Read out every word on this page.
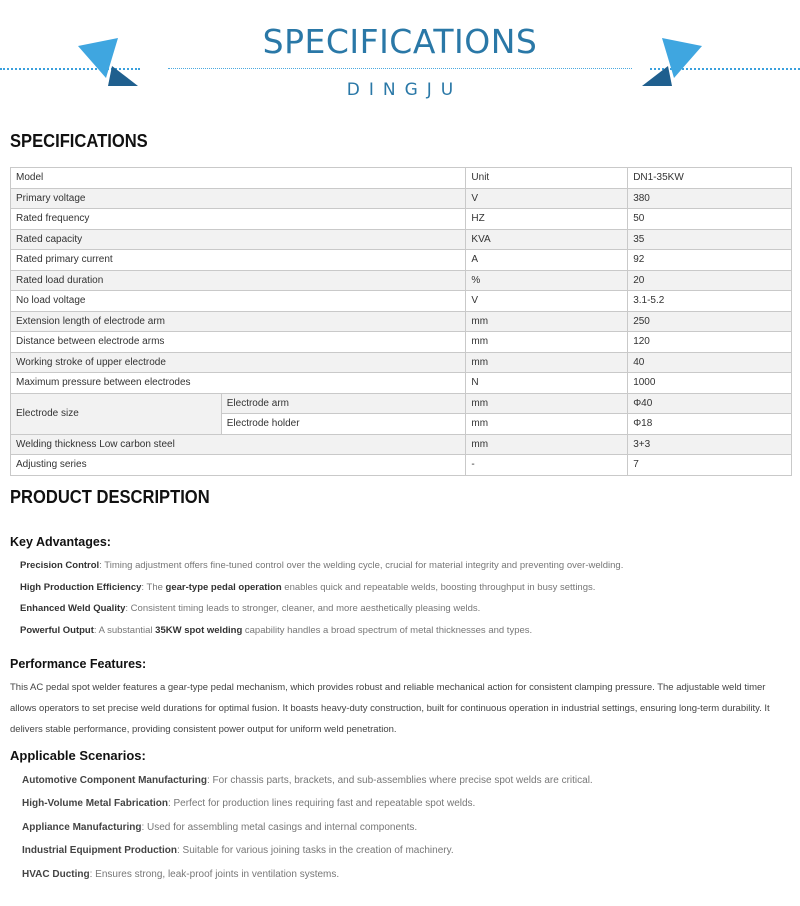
SPECIFICATIONS
DINGJU
SPECIFICATIONS
Model		Unit	DN1-35KW
Primary voltage		V	380
Rated frequency		HZ	50
Rated capacity		KVA	35
Rated primary current		A	92
Rated load duration		%	20
No load voltage		V	3.1-5.2
Extension length of electrode arm		mm	250
Distance between electrode arms		mm	120
Working stroke of upper electrode		mm	40
Maximum pressure between electrodes		N	1000
Electrode size	Electrode arm	mm	Φ40
	Electrode holder	mm	Φ18
Welding thickness Low carbon steel		mm	3+3
Adjusting series		-	7
PRODUCT DESCRIPTION
Key Advantages:
Precision Control: Timing adjustment offers fine-tuned control over the welding cycle, crucial for material integrity and preventing over-welding.
High Production Efficiency: The gear-type pedal operation enables quick and repeatable welds, boosting throughput in busy settings.
Enhanced Weld Quality: Consistent timing leads to stronger, cleaner, and more aesthetically pleasing welds.
Powerful Output: A substantial 35KW spot welding capability handles a broad spectrum of metal thicknesses and types.
Performance Features:
This AC pedal spot welder features a gear-type pedal mechanism, which provides robust and reliable mechanical action for consistent clamping pressure. The adjustable weld timer allows operators to set precise weld durations for optimal fusion. It boasts heavy-duty construction, built for continuous operation in industrial settings, ensuring long-term durability. It delivers stable performance, providing consistent power output for uniform weld penetration.
Applicable Scenarios:
Automotive Component Manufacturing: For chassis parts, brackets, and sub-assemblies where precise spot welds are critical.
High-Volume Metal Fabrication: Perfect for production lines requiring fast and repeatable spot welds.
Appliance Manufacturing: Used for assembling metal casings and internal components.
Industrial Equipment Production: Suitable for various joining tasks in the creation of machinery.
HVAC Ducting: Ensures strong, leak-proof joints in ventilation systems.
